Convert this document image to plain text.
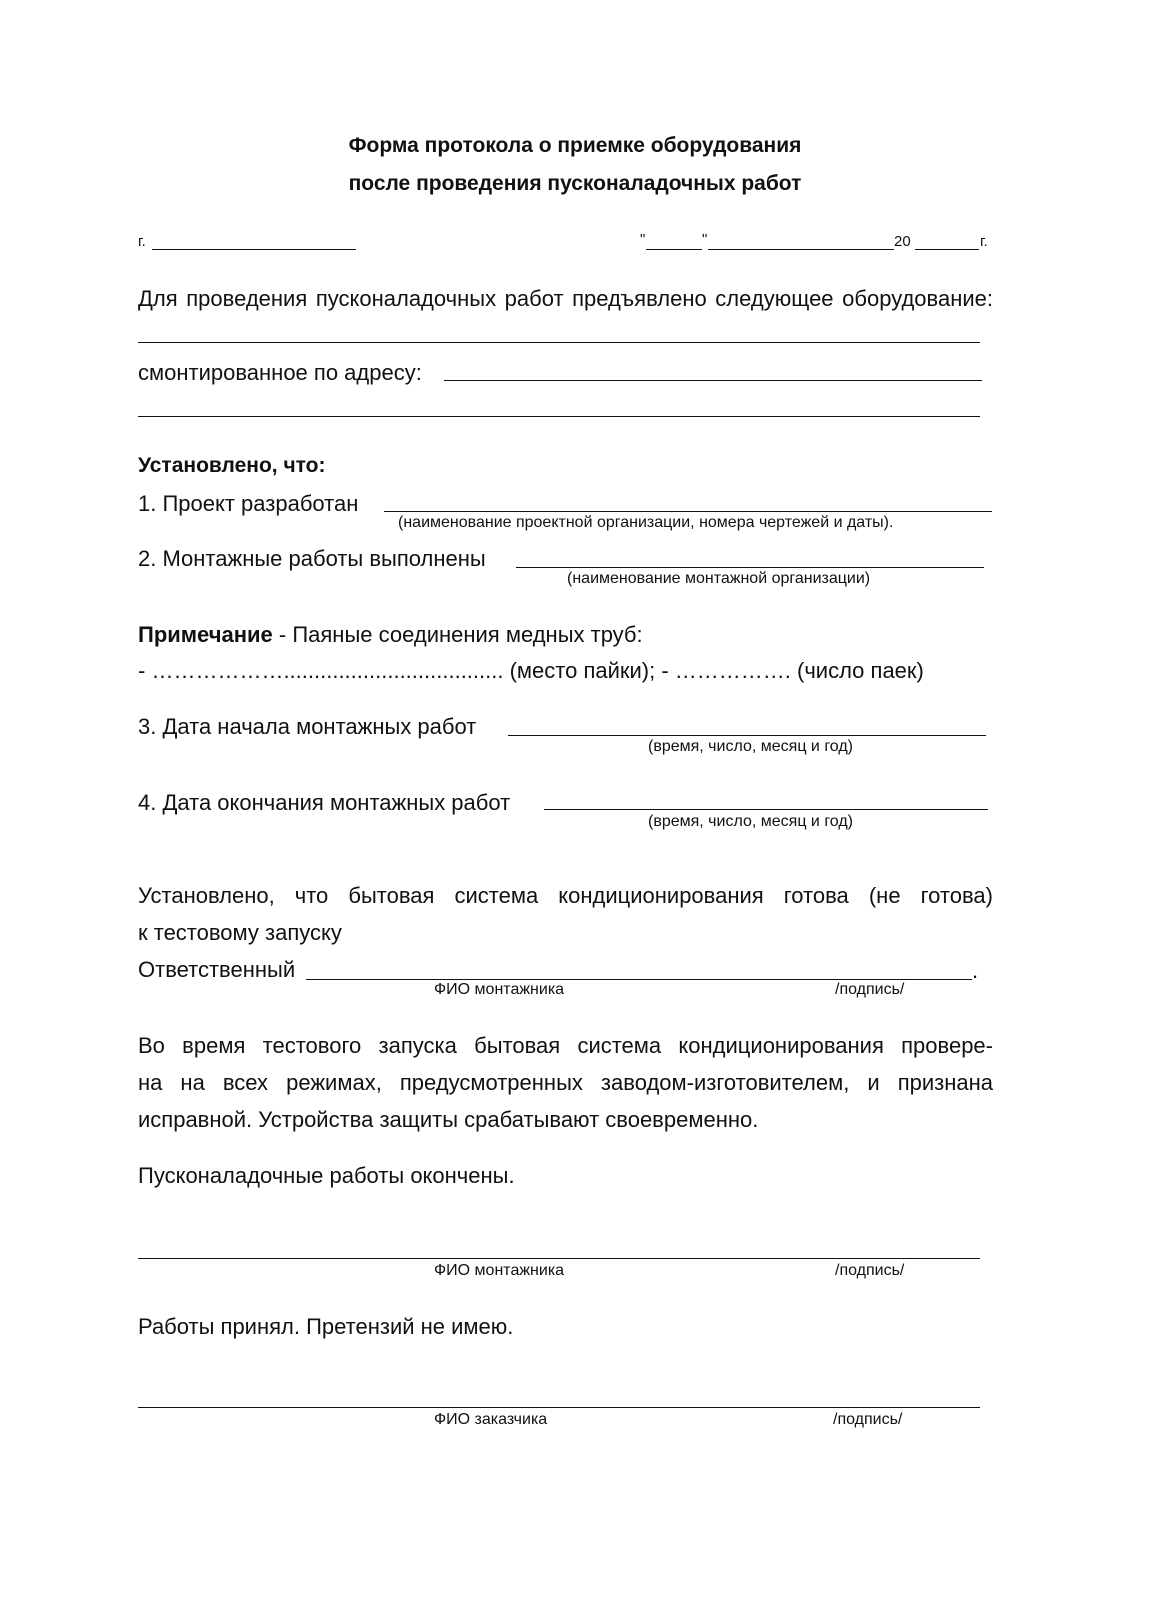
Форма протокола о приемке оборудования
после проведения пусконаладочных работ
г.	"	"	20	г.
Для проведения пусконаладочных работ предъявлено следующее оборудование:
смонтированное по адресу:
Установлено, что:
1. Проект разработан
(наименование проектной организации, номера чертежей и даты).
2. Монтажные работы выполнены
(наименование монтажной организации)
Примечание - Паяные соединения медных труб:
- ……………….................................... (место пайки); - ……………. (число паек)
3. Дата начала монтажных работ
(время, число, месяц и год)
4. Дата окончания монтажных работ
(время, число, месяц и год)
Установлено, что бытовая система кондиционирования готова (не готова)
к тестовому запуску
Ответственный	.
ФИО монтажника	/подпись/
Во время тестового запуска бытовая система кондиционирования провере-
на на всех режимах, предусмотренных заводом-изготовителем, и признана
исправной. Устройства защиты срабатывают своевременно.
Пусконаладочные работы окончены.
ФИО монтажника	/подпись/
Работы принял. Претензий не имею.
ФИО заказчика	/подпись/
